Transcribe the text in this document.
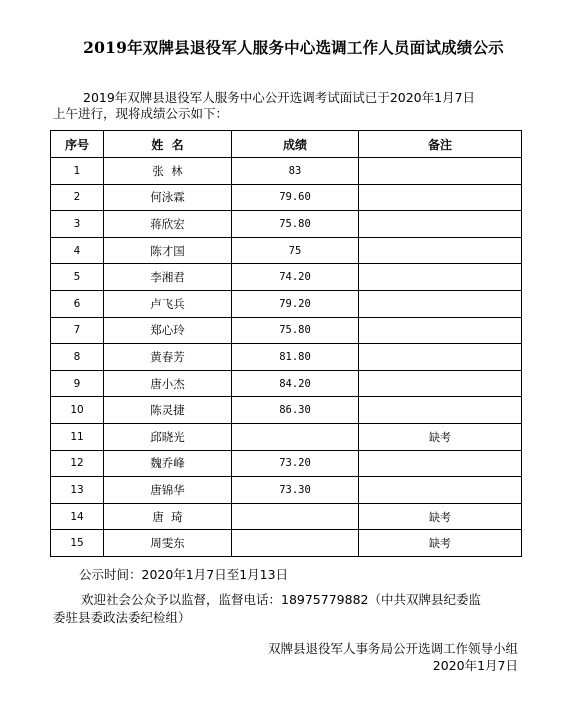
2019年双牌县退役军人服务中心选调工作人员面试成绩公示
2019年双牌县退役军人服务中心公开选调考试面试已于2020年1月7日
上午进行，现将成绩公示如下：
序号	姓  名	成绩	备注
1	张  林	83	
2	何泳霖	79.60	
3	蒋欣宏	75.80	
4	陈才国	75	
5	李湘君	74.20	
6	卢飞兵	79.20	
7	郑心玲	75.80	
8	黄春芳	81.80	
9	唐小杰	84.20	
10	陈灵捷	86.30	
11	邱晓光		缺考
12	魏乔峰	73.20	
13	唐锦华	73.30	
14	唐  琦		缺考
15	周雯东		缺考
公示时间：2020年1月7日至1月13日
欢迎社会公众予以监督，监督电话：18975779882（中共双牌县纪委监
委驻县委政法委纪检组）
双牌县退役军人事务局公开选调工作领导小组
2020年1月7日
